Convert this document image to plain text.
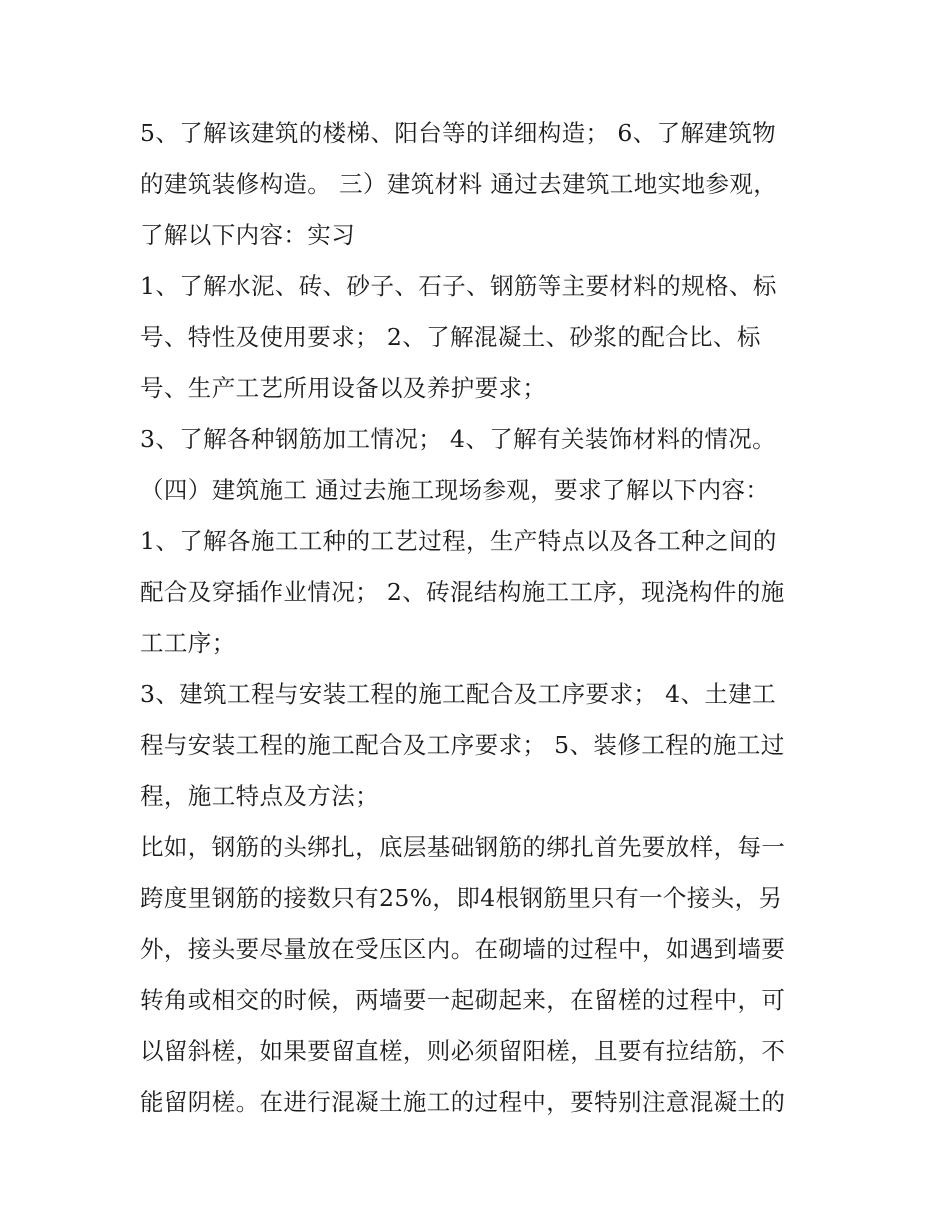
5、了解该建筑的楼梯、阳台等的详细构造； 6、了解建筑物
的建筑装修构造。 三）建筑材料 通过去建筑工地实地参观，
了解以下内容：实习
1、了解水泥、砖、砂子、石子、钢筋等主要材料的规格、标
号、特性及使用要求； 2、了解混凝土、砂浆的配合比、标
号、生产工艺所用设备以及养护要求；
3、了解各种钢筋加工情况； 4、了解有关装饰材料的情况。
（四）建筑施工 通过去施工现场参观，要求了解以下内容：
1、了解各施工工种的工艺过程，生产特点以及各工种之间的
配合及穿插作业情况； 2、砖混结构施工工序，现浇构件的施
工工序；
3、建筑工程与安装工程的施工配合及工序要求； 4、土建工
程与安装工程的施工配合及工序要求； 5、装修工程的施工过
程，施工特点及方法；
比如，钢筋的头绑扎，底层基础钢筋的绑扎首先要放样，每一
跨度里钢筋的接数只有25%，即4根钢筋里只有一个接头，另
外，接头要尽量放在受压区内。在砌墙的过程中，如遇到墙要
转角或相交的时候，两墙要一起砌起来，在留槎的过程中，可
以留斜槎，如果要留直槎，则必须留阳槎，且要有拉结筋，不
能留阴槎。在进行混凝土施工的过程中，要特别注意混凝土的
